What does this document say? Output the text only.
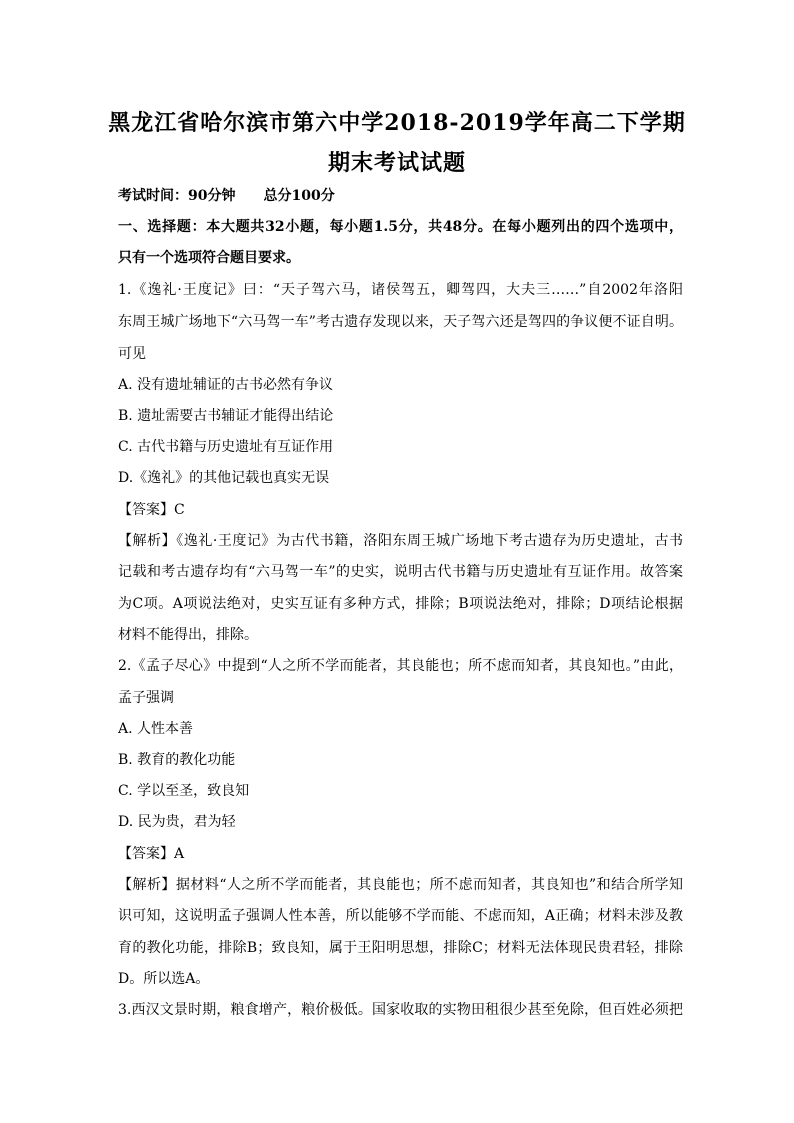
黑龙江省哈尔滨市第六中学2018-2019学年高二下学期
期末考试试题
考试时间：90分钟　　总分100分
一、选择题：本大题共32小题，每小题1.5分，共48分。在每小题列出的四个选项中，
只有一个选项符合题目要求。
1.《逸礼·王度记》曰：“天子驾六马，诸侯驾五，卿驾四，大夫三……”自2002年洛阳
东周王城广场地下“六马驾一车”考古遗存发现以来，天子驾六还是驾四的争议便不证自明。
可见
A. 没有遗址辅证的古书必然有争议
B. 遗址需要古书辅证才能得出结论
C. 古代书籍与历史遗址有互证作用
D.《逸礼》的其他记载也真实无误
【答案】C
【解析】《逸礼·王度记》为古代书籍，洛阳东周王城广场地下考古遗存为历史遗址，古书
记载和考古遗存均有“六马驾一车”的史实，说明古代书籍与历史遗址有互证作用。故答案
为C项。A项说法绝对，史实互证有多种方式，排除；B项说法绝对，排除；D项结论根据
材料不能得出，排除。
2.《孟子尽心》中提到“人之所不学而能者，其良能也；所不虑而知者，其良知也。”由此，
孟子强调
A. 人性本善
B. 教育的教化功能
C. 学以至圣，致良知
D. 民为贵，君为轻
【答案】A
【解析】据材料“人之所不学而能者，其良能也；所不虑而知者，其良知也”和结合所学知
识可知，这说明孟子强调人性本善，所以能够不学而能、不虑而知，A正确；材料未涉及教
育的教化功能，排除B；致良知，属于王阳明思想，排除C；材料无法体现民贵君轻，排除
D。所以选A。
3.西汉文景时期，粮食增产，粮价极低。国家收取的实物田租很少甚至免除，但百姓必须把
